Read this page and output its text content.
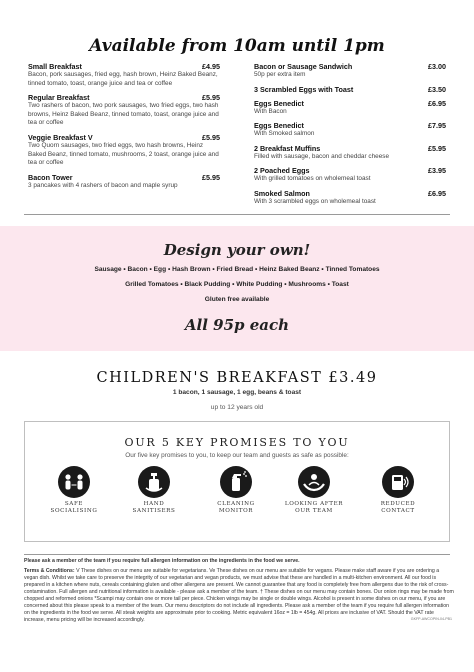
Available from 10am until 1pm
Small Breakfast	£4.95
Bacon, pork sausages, fried egg, hash brown, Heinz Baked Beanz, tinned tomato, toast, orange juice and tea or coffee
Regular Breakfast	£5.95
Two rashers of bacon, two pork sausages, two fried eggs, two hash browns, Heinz Baked Beanz, tinned tomato, toast, orange juice and tea or coffee
Veggie Breakfast V	£5.95
Two Quorn sausages, two fried eggs, two hash browns, Heinz Baked Beanz, tinned tomato, mushrooms, 2 toast, orange juice and tea or coffee
Bacon Tower	£5.95
3 pancakes with 4 rashers of bacon and maple syrup
Bacon or Sausage Sandwich	£3.00
50p per extra item
3 Scrambled Eggs with Toast	£3.50
Eggs Benedict	£6.95
With Bacon
Eggs Benedict	£7.95
With Smoked salmon
2 Breakfast Muffins	£5.95
Filled with sausage, bacon and cheddar cheese
2 Poached Eggs	£3.95
With grilled tomatoes on wholemeal toast
Smoked Salmon	£6.95
With 3 scrambled eggs on wholemeal toast
Design your own!
Sausage • Bacon • Egg • Hash Brown • Fried Bread • Heinz Baked Beanz • Tinned Tomatoes
Grilled Tomatoes • Black Pudding • White Pudding • Mushrooms • Toast
Gluten free available
All 95p each
CHILDREN'S BREAKFAST £3.49
1 bacon, 1 sausage, 1 egg, beans & toast
up to 12 years old
OUR 5 KEY PROMISES TO YOU
Our five key promises to you, to keep our team and guests as safe as possible:
SAFE
SOCIALISING
HAND
SANITISERS
CLEANING
MONITOR
LOOKING AFTER
OUR TEAM
REDUCED
CONTACT
Please ask a member of the team if you require full allergen information on the ingredients in the food we serve.
Terms & Conditions: V These dishes on our menu are suitable for vegetarians. Ve These dishes on our menu are suitable for vegans. Please make staff aware if you are ordering a vegan dish. Whilst we take care to preserve the integrity of our vegetarian and vegan products, we must advise that these are handled in a multi-kitchen environment. All our food is prepared in a kitchen where nuts, cereals containing gluten and other allergens are present. We cannot guarantee that any food is completely free from allergens due to the risk of cross-contamination. Full allergen and nutritional information is available - please ask a member of the team. † These dishes on our menu may contain bones. Our onion rings may be made from chopped and reformed onions *Scampi may contain one or more tail per piece. Chicken wings may be single or double wings. Alcohol is present in some dishes on our menu, if you are concerned about this please speak to a member of the team. Our menu descriptors do not include all ingredients. Please ask a member of the team if you require full allergen information on the ingredients in the food we serve. All steak weights are approximate prior to cooking. Metric equivalent 16oz = 1lb = 454g. All prices are inclusive of VAT. Should the VAT rate increase, menu pricing will be increased accordingly.	GKFP-AWCOPIN-04-PB1
